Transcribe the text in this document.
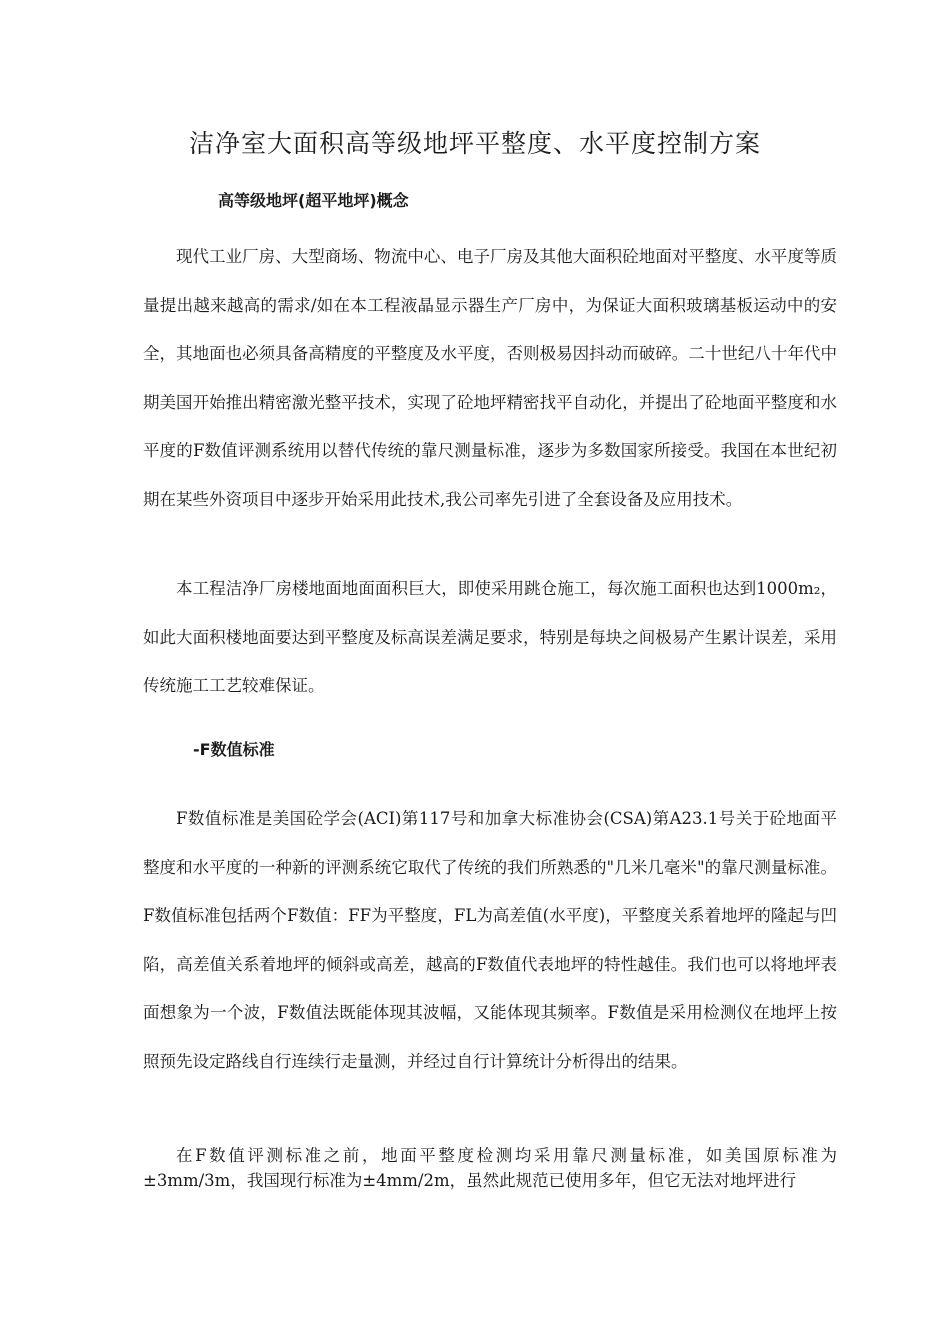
洁净室大面积高等级地坪平整度、水平度控制方案
高等级地坪(超平地坪)概念
现代工业厂房、大型商场、物流中心、电子厂房及其他大面积砼地面对平整度、水平度等质量提出越来越高的需求/如在本工程液晶显示器生产厂房中，为保证大面积玻璃基板运动中的安全，其地面也必须具备高精度的平整度及水平度，否则极易因抖动而破碎。二十世纪八十年代中期美国开始推出精密激光整平技术，实现了砼地坪精密找平自动化，并提出了砼地面平整度和水平度的F数值评测系统用以替代传统的靠尺测量标准，逐步为多数国家所接受。我国在本世纪初期在某些外资项目中逐步开始采用此技术,我公司率先引进了全套设备及应用技术。
本工程洁净厂房楼地面地面面积巨大，即使采用跳仓施工，每次施工面积也达到1000m₂，如此大面积楼地面要达到平整度及标高误差满足要求，特别是每块之间极易产生累计误差，采用传统施工工艺较难保证。
-F数值标准
F数值标准是美国砼学会(ACI)第117号和加拿大标准协会(CSA)第A23.1号关于砼地面平整度和水平度的一种新的评测系统它取代了传统的我们所熟悉的"几米几毫米"的靠尺测量标准。F数值标准包括两个F数值：FF为平整度，FL为高差值(水平度)，平整度关系着地坪的隆起与凹陷，高差值关系着地坪的倾斜或高差，越高的F数值代表地坪的特性越佳。我们也可以将地坪表面想象为一个波，F数值法既能体现其波幅，又能体现其频率。F数值是采用检测仪在地坪上按照预先设定路线自行连续行走量测，并经过自行计算统计分析得出的结果。
在F数值评测标准之前，地面平整度检测均采用靠尺测量标准，如美国原标准为±3mm/3m，我国现行标准为±4mm/2m，虽然此规范已使用多年，但它无法对地坪进行
